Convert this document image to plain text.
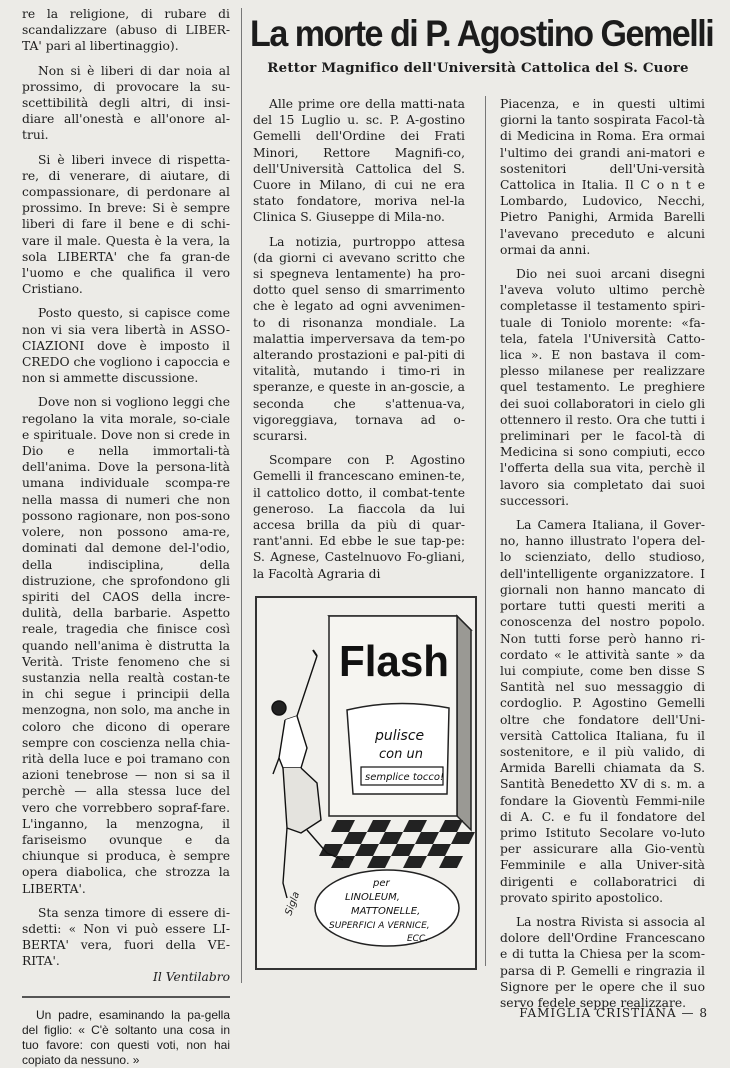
re la religione, di rubare di scandalizzare (abuso di LIBER-TA' pari al libertinaggio).

Non si è liberi di dar noia al prossimo, di provocare la su-scettibilità degli altri, di insi-diare all'onestà e all'onore al-trui.

Si è liberi invece di rispetta-re, di venerare, di aiutare, di compassionare, di perdonare al prossimo. In breve: Si è sempre liberi di fare il bene e di schi-vare il male. Questa è la vera, la sola LIBERTA' che fa gran-de l'uomo e che qualifica il vero Cristiano.

Posto questo, si capisce come non vi sia vera libertà in ASSO-CIAZIONI dove è imposto il CREDO che vogliono i capoccia e non si ammette discussione.

Dove non si vogliono leggi che regolano la vita morale, so-ciale e spirituale. Dove non si crede in Dio e nella immortali-tà dell'anima. Dove la persona-lità umana individuale scompa-re nella massa di numeri che non possono ragionare, non pos-sono volere, non possono ama-re, dominati dal demone del-l'odio, della indisciplina, della distruzione, che sprofondono gli spiriti del CAOS della incre-dulità, della barbarie. Aspetto reale, tragedia che finisce così quando nell'anima è distrutta la Verità. Triste fenomeno che si sustanzia nella realtà costan-te in chi segue i principii della menzogna, non solo, ma anche in coloro che dicono di operare sempre con coscienza nella chia-rità della luce e poi tramano con azioni tenebrose — non si sa il perchè — alla stessa luce del vero che vorrebbero sopraf-fare. L'inganno, la menzogna, il fariseismo ovunque e da chiunque si produca, è sempre opera diabolica, che strozza la LIBERTA'.

Sta senza timore di essere di-sdetti: « Non vi può essere LI-BERTA' vera, fuori della VE-RITA'.

Il Ventilabro

Un padre, esaminando la pa-gella del figlio: « C'è soltanto una cosa in tuo favore: con questi voti, non hai copiato da nessuno. »

La morte di P. Agostino Gemelli
Rettor Magnifico dell'Università Cattolica del S. Cuore

Alle prime ore della matti-nata del 15 Luglio u. sc. P. A-gostino Gemelli dell'Ordine dei Frati Minori, Rettore Magnifi-co, dell'Università Cattolica del S. Cuore in Milano, di cui ne era stato fondatore, moriva nel-la Clinica S. Giuseppe di Mila-no.

La notizia, purtroppo attesa (da giorni ci avevano scritto che si spegneva lentamente) ha pro-dotto quel senso di smarrimento che è legato ad ogni avvenimen-to di risonanza mondiale. La malattia imperversava da tem-po alterando prostazioni e pal-piti di vitalità, mutando i timo-ri in speranze, e queste in an-goscie, a seconda che s'attenua-va, vigoreggiava, tornava ad o-scurarsi.

Scompare con P. Agostino Gemelli il francescano eminen-te, il cattolico dotto, il combat-tente generoso. La fiaccola da lui accesa brilla da più di quar-rant'anni. Ed ebbe le sue tap-pe: S. Agnese, Castelnuovo Fo-gliani, la Facoltà Agraria di

Piacenza, e in questi ultimi giorni la tanto sospirata Facol-tà di Medicina in Roma. Era ormai l'ultimo dei grandi ani-matori e sostenitori dell'Uni-versità Cattolica in Italia. Il C o n t e Lombardo, Ludovico, Necchi, Pietro Panighi, Armida Barelli l'avevano preceduto e alcuni ormai da anni.

Dio nei suoi arcani disegni l'aveva voluto ultimo perchè completasse il testamento spiri-tuale di Toniolo morente: «fa-tela, fatela l'Università Catto-lica ». E non bastava il com-plesso milanese per realizzare quel testamento. Le preghiere dei suoi collaboratori in cielo gli ottennero il resto. Ora che tutti i preliminari per le facol-tà di Medicina si sono compiuti, ecco l'offerta della sua vita, perchè il lavoro sia completato dai suoi successori.

La Camera Italiana, il Gover-no, hanno illustrato l'opera del-lo scienziato, dello studioso, dell'intelligente organizzatore. I giornali non hanno mancato di portare tutti questi meriti a conoscenza del nostro popolo. Non tutti forse però hanno ri-cordato « le attività sante » da lui compiute, come ben disse S Santità nel suo messaggio di cordoglio. P. Agostino Gemelli oltre che fondatore dell'Uni-versità Cattolica Italiana, fu il sostenitore, e il più valido, di Armida Barelli chiamata da S. Santità Benedetto XV di s. m. a fondare la Gioventù Femmi-nile di A. C. e fu il fondatore del primo Istituto Secolare vo-luto per assicurare alla Gio-ventù Femminile e alla Univer-sità dirigenti e collaboratrici di provato spirito apostolico.

La nostra Rivista si associa al dolore dell'Ordine Francescano e di tutta la Chiesa per la scom-parsa di P. Gemelli e ringrazia il Signore per le opere che il suo servo fedele seppe realizzare.

Flash
pulisce
con un
semplice tocco!
Sigla
per
LINOLEUM,
MATTONELLE,
SUPERFICI A VERNICE,
ECC.
FAMIGLIA CRISTIANA — 8
